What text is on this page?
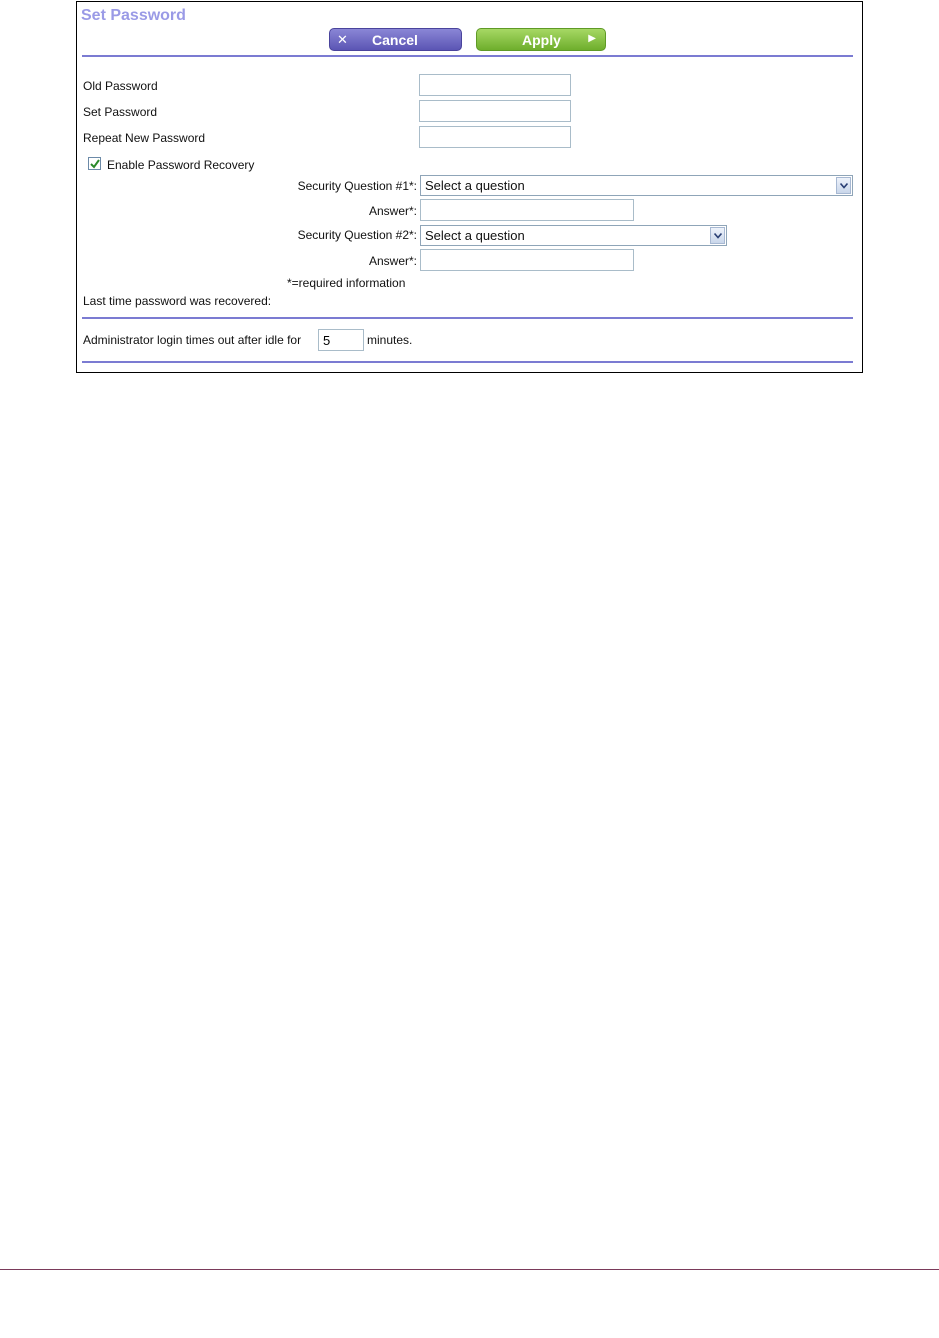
Set Password
✕ Cancel	Apply	▶
Old Password
Set Password
Repeat New Password
Enable Password Recovery
Security Question #1*: Select a question
Answer*:
Security Question #2*: Select a question
Answer*:
*=required information
Last time password was recovered:
Administrator login times out after idle for
5	minutes.
